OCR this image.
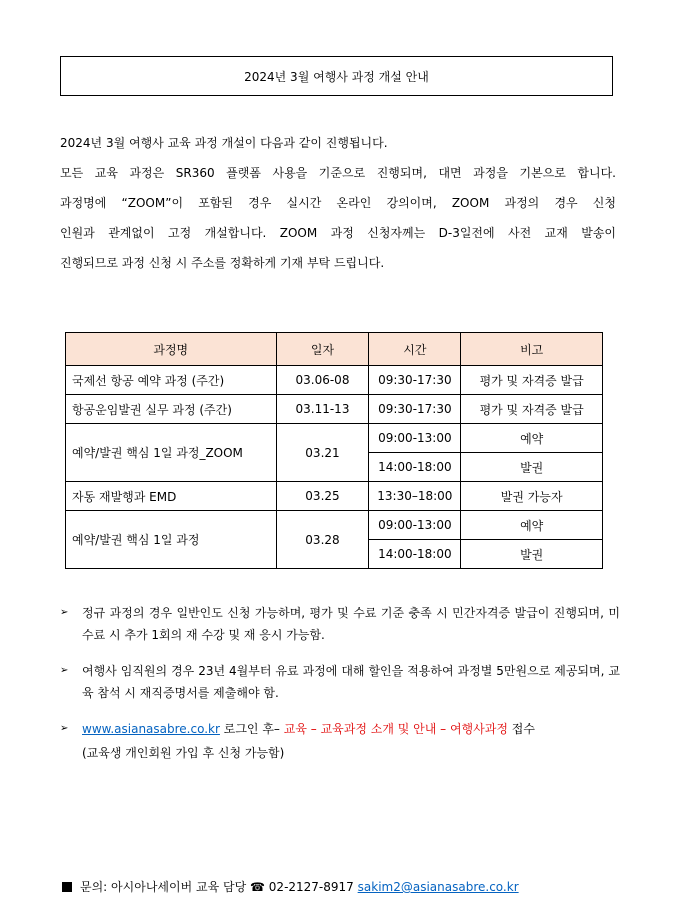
2024년 3월 여행사 과정 개설 안내

2024년 3월 여행사 교육 과정 개설이 다음과 같이 진행됩니다.

모든 교육 과정은 SR360 플랫폼 사용을 기준으로 진행되며, 대면 과정을 기본으로 합니다.

과정명에 “ZOOM”이 포함된 경우 실시간 온라인 강의이며, ZOOM 과정의 경우 신청

인원과 관계없이 고정 개설합니다. ZOOM 과정 신청자께는 D-3일전에 사전 교재 발송이

진행되므로 과정 신청 시 주소를 정확하게 기재 부탁 드립니다.

과정명	일자	시간	비고
국제선 항공 예약 과정 (주간)	03.06-08	09:30-17:30	평가 및 자격증 발급
항공운임발권 실무 과정 (주간)	03.11-13	09:30-17:30	평가 및 자격증 발급
예약/발권 핵심 1일 과정_ZOOM	03.21	09:00-13:00	예약
		14:00-18:00	발권
자동 재발행과 EMD	03.25	13:30–18:00	발권 가능자
예약/발권 핵심 1일 과정	03.28	09:00-13:00	예약
		14:00-18:00	발권
➢ 정규 과정의 경우 일반인도 신청 가능하며, 평가 및 수료 기준 충족 시 민간자격증 발급이 진행되며, 미 수료 시 추가 1회의 재 수강 및 재 응시 가능함.
➢ 여행사 임직원의 경우 23년 4월부터 유료 과정에 대해 할인을 적용하여 과정별 5만원으로 제공되며, 교육 참석 시 재직증명서를 제출해야 함.
➢ www.asianasabre.co.kr 로그인 후– 교육 – 교육과정 소개 및 안내 – 여행사과정 접수
(교육생 개인회원 가입 후 신청 가능함)
문의: 아시아나세이버 교육 담당 ☎ 02-2127-8917 sakim2@asianasabre.co.kr
